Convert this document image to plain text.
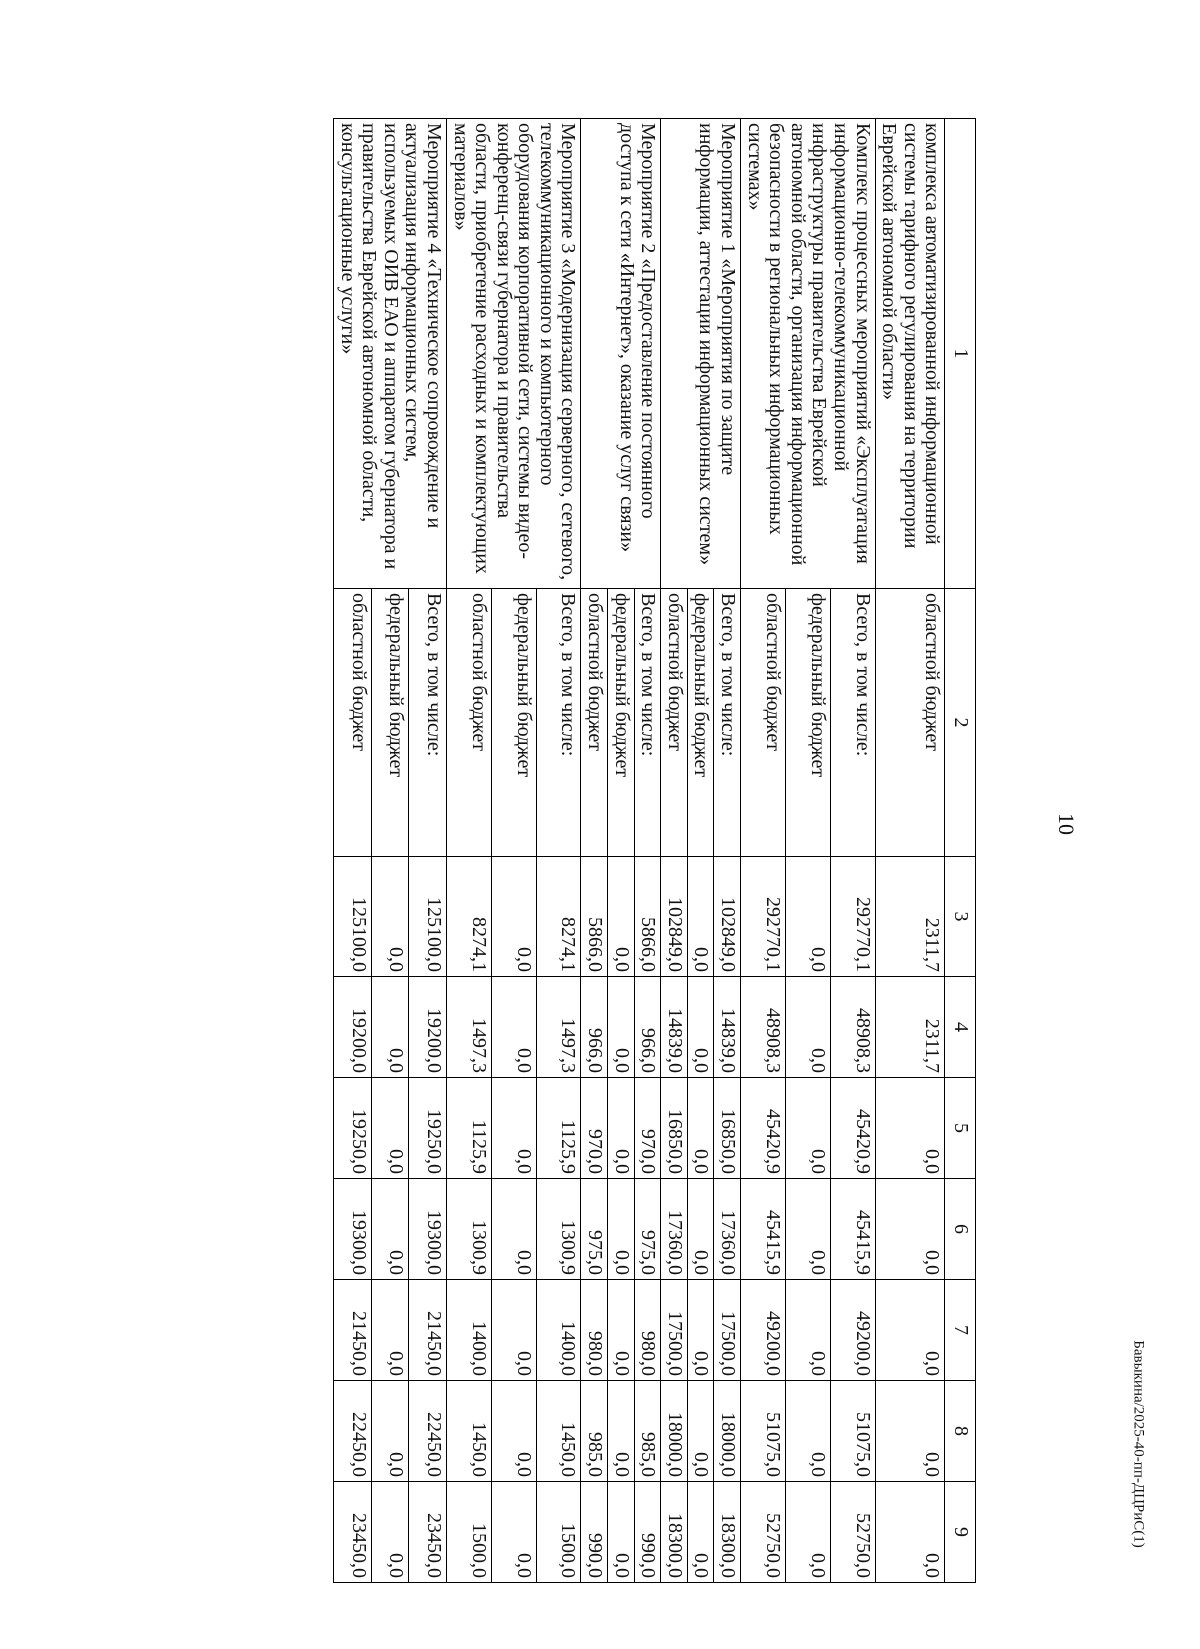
10
1	2	3	4	5	6	7	8	9
комплекса автоматизированной информационной системы тарифного регулирования на территории Еврейской автономной области»	областной бюджет	2311,7	2311,7	0,0	0,0	0,0	0,0	0,0
Комплекс процессных мероприятий «Эксплуатация информационно-телекоммуникационной инфраструктуры правительства Еврейской автономной области, организация информационной безопасности в региональных информационных системах»	Всего, в том числе:	292770,1	48908,3	45420,9	45415,9	49200,0	51075,0	52750,0
	федеральный бюджет	0,0	0,0	0,0	0,0	0,0	0,0	0,0
	областной бюджет	292770,1	48908,3	45420,9	45415,9	49200,0	51075,0	52750,0
Мероприятие 1 «Мероприятия по защите информации, аттестации информационных систем»	Всего, в том числе:	102849,0	14839,0	16850,0	17360,0	17500,0	18000,0	18300,0
	федеральный бюджет	0,0	0,0	0,0	0,0	0,0	0,0	0,0
	областной бюджет	102849,0	14839,0	16850,0	17360,0	17500,0	18000,0	18300,0
Мероприятие 2 «Предоставление постоянного доступа к сети «Интернет», оказание услуг связи»	Всего, в том числе:	5866,0	966,0	970,0	975,0	980,0	985,0	990,0
	федеральный бюджет	0,0	0,0	0,0	0,0	0,0	0,0	0,0
	областной бюджет	5866,0	966,0	970,0	975,0	980,0	985,0	990,0
Мероприятие 3 «Модернизация серверного, сетевого, телекоммуникационного и компьютерного оборудования корпоративной сети, системы видео-конференц-связи губернатора и правительства области, приобретение расходных и комплектующих материалов»	Всего, в том числе:	8274,1	1497,3	1125,9	1300,9	1400,0	1450,0	1500,0
	федеральный бюджет	0,0	0,0	0,0	0,0	0,0	0,0	0,0
	областной бюджет	8274,1	1497,3	1125,9	1300,9	1400,0	1450,0	1500,0
Мероприятие 4 «Техническое сопровождение и актуализация информационных систем, используемых ОИВ ЕАО и аппаратом губернатора и правительства Еврейской автономной области, консультационные услуги»	Всего, в том числе:	125100,0	19200,0	19250,0	19300,0	21450,0	22450,0	23450,0
	федеральный бюджет	0,0	0,0	0,0	0,0	0,0	0,0	0,0
	областной бюджет	125100,0	19200,0	19250,0	19300,0	21450,0	22450,0	23450,0	Бавыкина/2025-40-пп-ДЦРиС(1)
